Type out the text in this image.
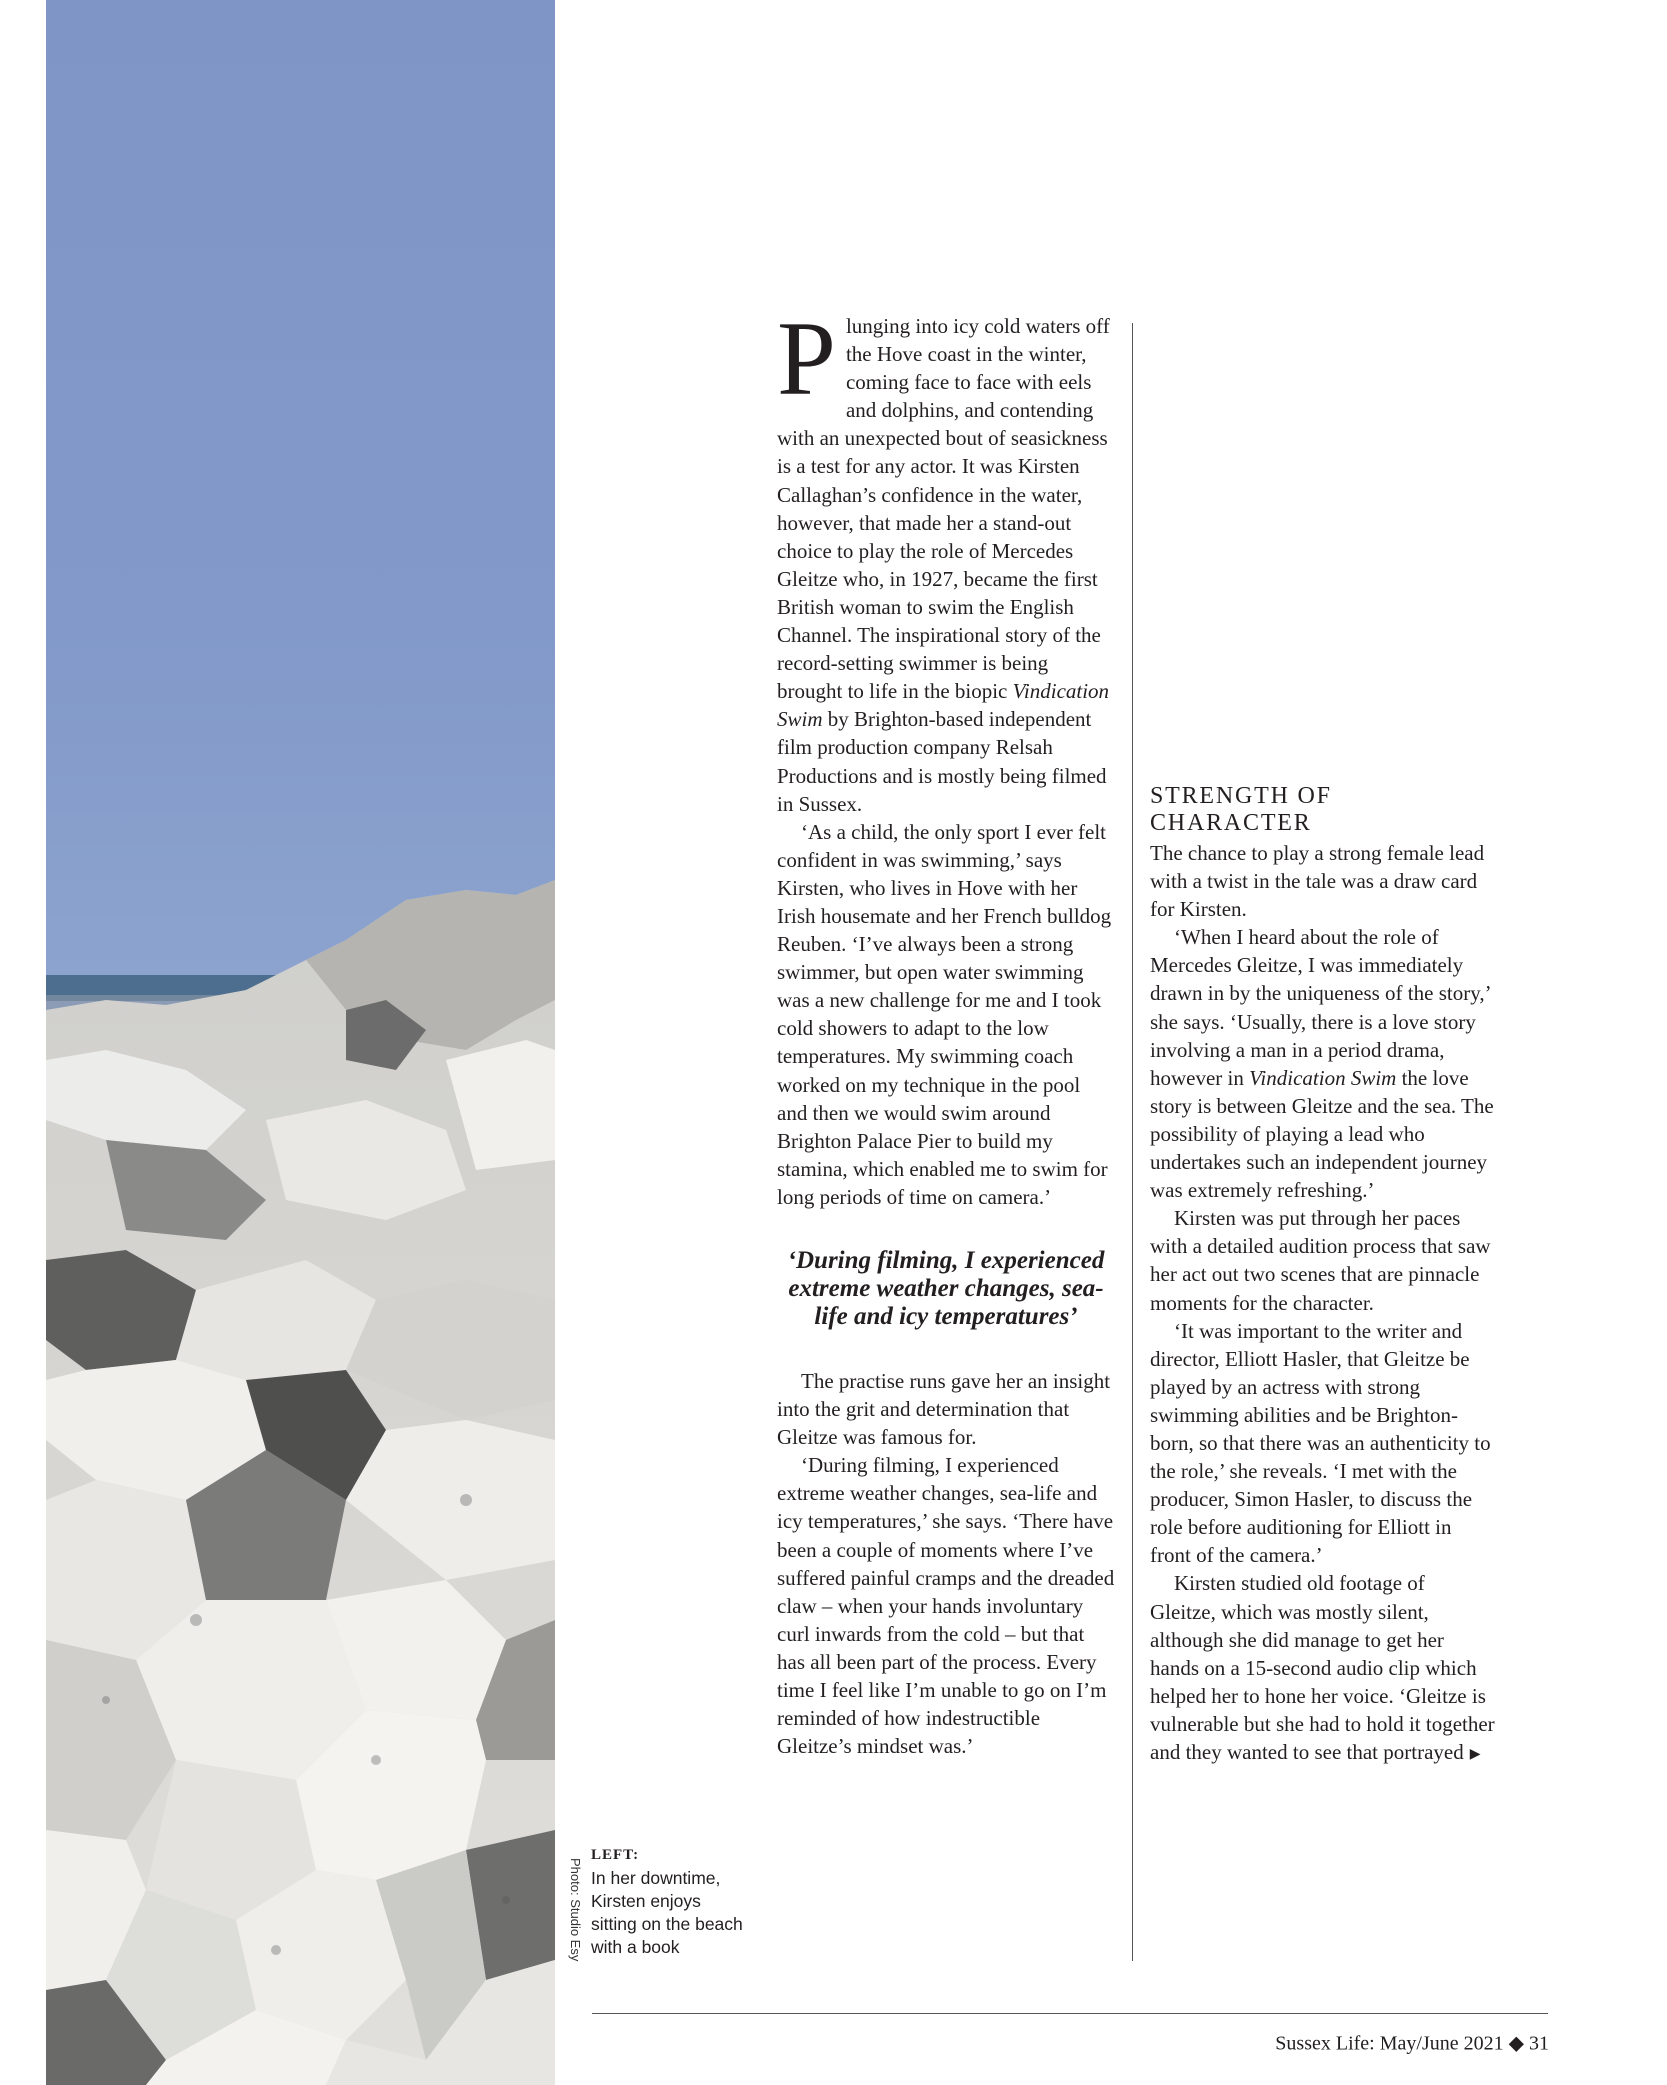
Photo: Studio Esy
LEFT:
In her downtime, Kirsten enjoys sitting on the beach with a book

Plunging into icy cold waters off the Hove coast in the winter, coming face to face with eels and dolphins, and contending with an unexpected bout of seasickness is a test for any actor. It was Kirsten Callaghan’s confidence in the water, however, that made her a stand-out choice to play the role of Mercedes Gleitze who, in 1927, became the first British woman to swim the English Channel. The inspirational story of the record-setting swimmer is being brought to life in the biopic Vindication Swim by Brighton-based independent film production company Relsah Productions and is mostly being filmed in Sussex.

‘As a child, the only sport I ever felt confident in was swimming,’ says Kirsten, who lives in Hove with her Irish housemate and her French bulldog Reuben. ‘I’ve always been a strong swimmer, but open water swimming was a new challenge for me and I took cold showers to adapt to the low temperatures. My swimming coach worked on my technique in the pool and then we would swim around Brighton Palace Pier to build my stamina, which enabled me to swim for long periods of time on camera.’

‘During filming, I experienced extreme weather changes, sea-life and icy temperatures’

The practise runs gave her an insight into the grit and determination that Gleitze was famous for.

‘During filming, I experienced extreme weather changes, sea-life and icy temperatures,’ she says. ‘There have been a couple of moments where I’ve suffered painful cramps and the dreaded claw – when your hands involuntary curl inwards from the cold – but that has all been part of the process. Every time I feel like I’m unable to go on I’m reminded of how indestructible Gleitze’s mindset was.’

STRENGTH OF CHARACTER

The chance to play a strong female lead with a twist in the tale was a draw card for Kirsten.

‘When I heard about the role of Mercedes Gleitze, I was immediately drawn in by the uniqueness of the story,’ she says. ‘Usually, there is a love story involving a man in a period drama, however in Vindication Swim the love story is between Gleitze and the sea. The possibility of playing a lead who undertakes such an independent journey was extremely refreshing.’

Kirsten was put through her paces with a detailed audition process that saw her act out two scenes that are pinnacle moments for the character.

‘It was important to the writer and director, Elliott Hasler, that Gleitze be played by an actress with strong swimming abilities and be Brighton-born, so that there was an authenticity to the role,’ she reveals. ‘I met with the producer, Simon Hasler, to discuss the role before auditioning for Elliott in front of the camera.’

Kirsten studied old footage of Gleitze, which was mostly silent, although she did manage to get her hands on a 15-second audio clip which helped her to hone her voice. ‘Gleitze is vulnerable but she had to hold it together and they wanted to see that portrayed ▶

Sussex Life: May/June 2021 ◆ 31
